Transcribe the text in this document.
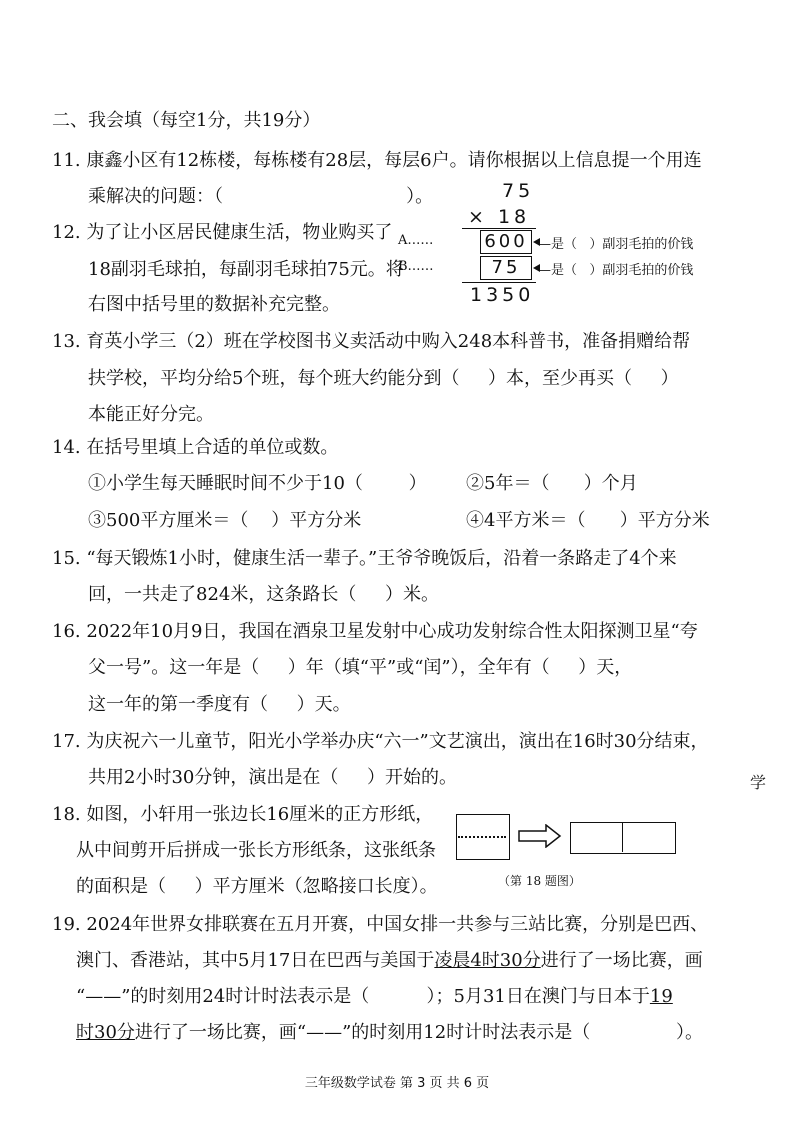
二、我会填（每空1分，共19分）
11. 康鑫小区有12栋楼，每栋楼有28层，每层6户。请你根据以上信息提一个用连
乘解决的问题：（                                ）。
12. 为了让小区居民健康生活，物业购买了
18副羽毛球拍，每副羽毛球拍75元。将
右图中括号里的数据补充完整。
75
× 18
A……	600 —是（   ）副羽毛拍的价钱
B……	75	—是（   ）副羽毛拍的价钱
1350
13. 育英小学三（2）班在学校图书义卖活动中购入248本科普书，准备捐赠给帮
扶学校，平均分给5个班，每个班大约能分到（     ）本，至少再买（     ）
本能正好分完。
14. 在括号里填上合适的单位或数。
①小学生每天睡眠时间不少于10（        ） ②5年＝（      ）个月
③500平方厘米＝（    ）平方分米	④4平方米＝（      ）平方分米
15. “每天锻炼1小时，健康生活一辈子。”王爷爷晚饭后，沿着一条路走了4个来
回，一共走了824米，这条路长（     ）米。
16. 2022年10月9日，我国在酒泉卫星发射中心成功发射综合性太阳探测卫星“夸
父一号”。这一年是（     ）年（填“平”或“闰”），全年有（     ）天，
这一年的第一季度有（     ）天。
17. 为庆祝六一儿童节，阳光小学举办庆“六一”文艺演出，演出在16时30分结束，
共用2小时30分钟，演出是在（     ）开始的。	学
18. 如图，小轩用一张边长16厘米的正方形纸，
从中间剪开后拼成一张长方形纸条，这张纸条
的面积是（     ）平方厘米（忽略接口长度）。	（第 18 题图）
19. 2024年世界女排联赛在五月开赛，中国女排一共参与三站比赛，分别是巴西、
澳门、香港站，其中5月17日在巴西与美国于凌晨4时30分进行了一场比赛，画
“——”的时刻用24时计时法表示是（          ）；5月31日在澳门与日本于19
时30分进行了一场比赛，画“——”的时刻用12时计时法表示是（               ）。
三年级数学试卷 第 3 页 共 6 页
